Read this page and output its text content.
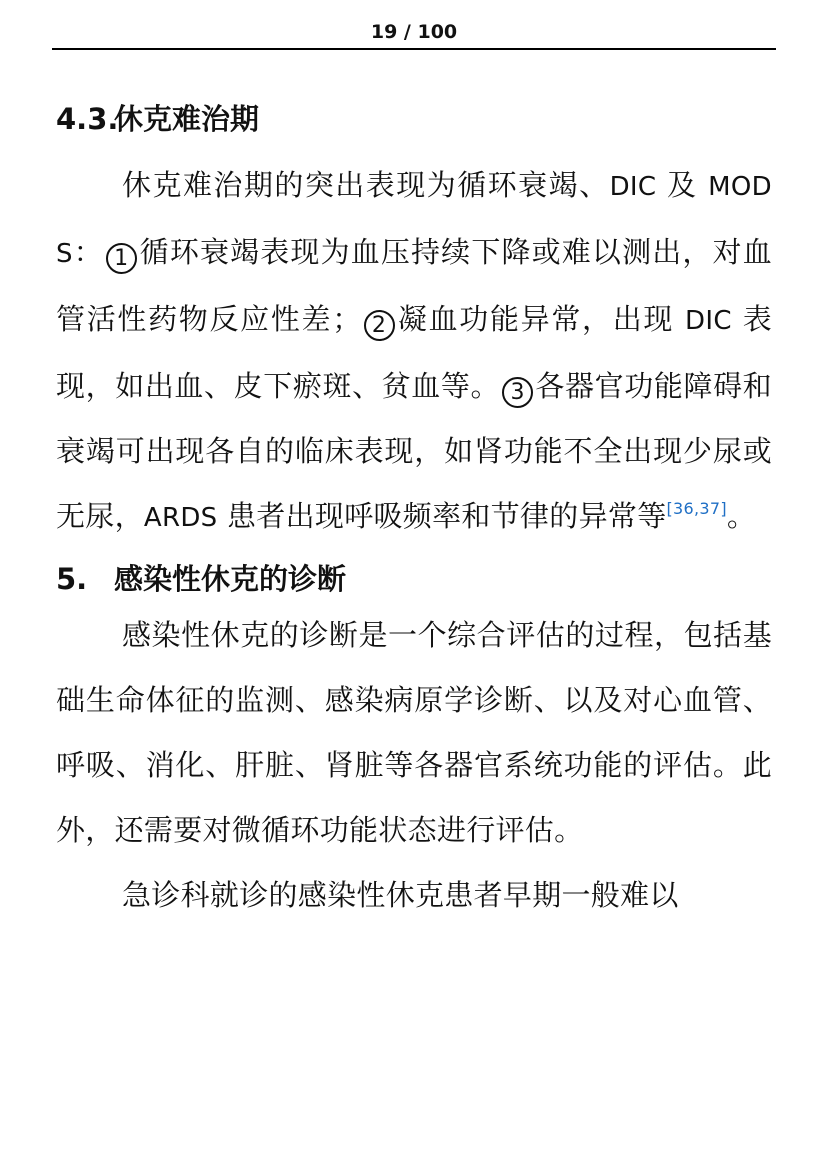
19 / 100
4.3.
休克难治期

休克难治期的突出表现为循环衰竭、DIC 及 MODS： 1 循环衰竭表现为血压持续下降或难以测出，对血管活性药物反应性差； 2 凝血功能异常，出现 DIC 表现，如出血、皮下瘀斑、贫血等。 3 各器官功能障碍和衰竭可出现各自的临床表现，如肾功能不全出现少尿或无尿，ARDS 患者出现呼吸频率和节律的异常等[36,37]。

5. 感染性休克的诊断

感染性休克的诊断是一个综合评估的过程，包括基础生命体征的监测、感染病原学诊断、以及对心血管、呼吸、消化、肝脏、肾脏等各器官系统功能的评估。此外，还需要对微循环功能状态进行评估。

急诊科就诊的感染性休克患者早期一般难以
